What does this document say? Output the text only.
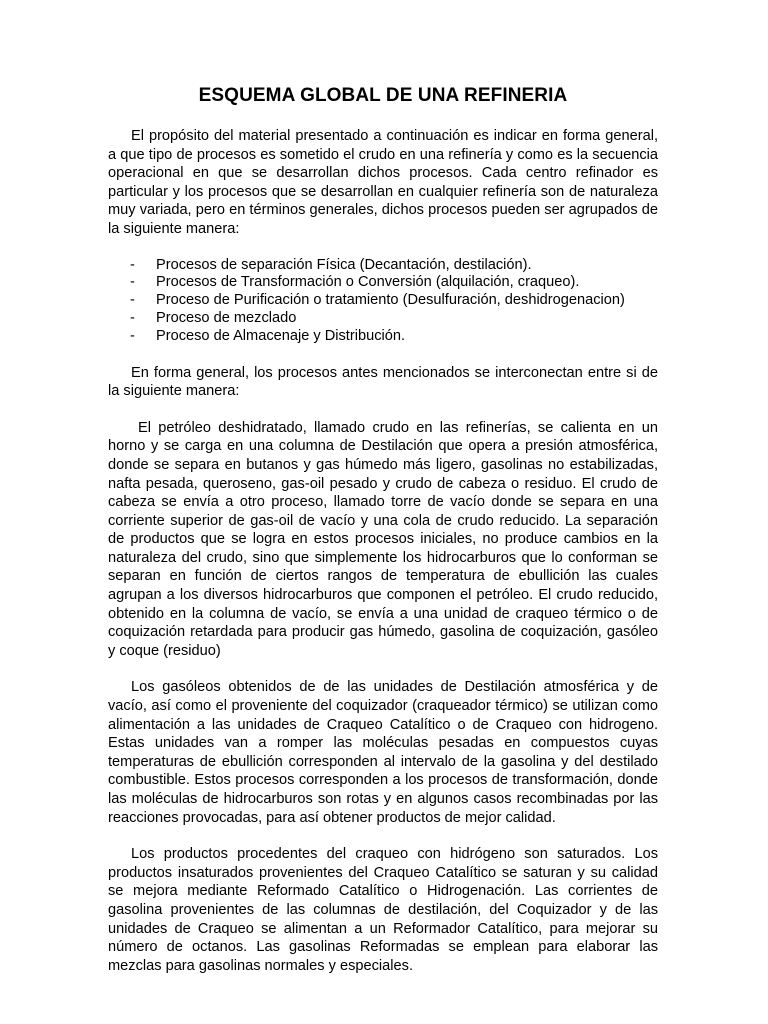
ESQUEMA GLOBAL DE UNA REFINERIA

El propósito del material presentado a continuación es indicar en forma general, a que tipo de procesos es sometido el crudo en una refinería y como es la secuencia operacional en que se desarrollan dichos procesos. Cada centro refinador es particular y los procesos que se desarrollan en cualquier refinería son de naturaleza muy variada, pero en términos generales, dichos procesos pueden ser agrupados de la siguiente manera:

-	Procesos de separación Física (Decantación, destilación).
-	Procesos de Transformación o Conversión (alquilación, craqueo).
-	Proceso de Purificación o tratamiento (Desulfuración, deshidrogenacion)
-	Proceso de mezclado
-	Proceso de Almacenaje y Distribución.

En forma general, los procesos antes mencionados se interconectan entre si de la siguiente manera:

El petróleo deshidratado, llamado crudo en las refinerías, se calienta en un horno y se carga en una columna de Destilación que opera a presión atmosférica, donde se separa en butanos y gas húmedo más ligero, gasolinas no estabilizadas, nafta pesada, queroseno, gas-oil pesado y crudo de cabeza o residuo. El crudo de cabeza se envía a otro proceso, llamado torre de vacío donde se separa en una corriente superior de gas-oil de vacío y una cola de crudo reducido. La separación de productos que se logra en estos procesos iniciales, no produce cambios en la naturaleza del crudo, sino que simplemente los hidrocarburos que lo conforman se separan en función de ciertos rangos de temperatura de ebullición las cuales agrupan a los diversos hidrocarburos que componen el petróleo. El crudo reducido, obtenido en la columna de vacío, se envía a una unidad de craqueo térmico o de coquización retardada para producir gas húmedo, gasolina de coquización, gasóleo y coque (residuo)

Los gasóleos obtenidos de de las unidades de Destilación atmosférica y de vacío, así como el proveniente del coquizador (craqueador térmico) se utilizan como alimentación a las unidades de Craqueo Catalítico o de Craqueo con hidrogeno. Estas unidades van a romper las moléculas pesadas en compuestos cuyas temperaturas de ebullición corresponden al intervalo de la gasolina y del destilado combustible. Estos procesos corresponden a los procesos de transformación, donde las moléculas de hidrocarburos son rotas y en algunos casos recombinadas por las reacciones provocadas, para así obtener productos de mejor calidad.

Los productos procedentes del craqueo con hidrógeno son saturados. Los productos insaturados provenientes del Craqueo Catalítico se saturan y su calidad se mejora mediante Reformado Catalítico o Hidrogenación. Las corrientes de gasolina provenientes de las columnas de destilación, del Coquizador y de las unidades de Craqueo se alimentan a un Reformador Catalítico, para mejorar su número de octanos. Las gasolinas Reformadas se emplean para elaborar las mezclas para gasolinas normales y especiales.
